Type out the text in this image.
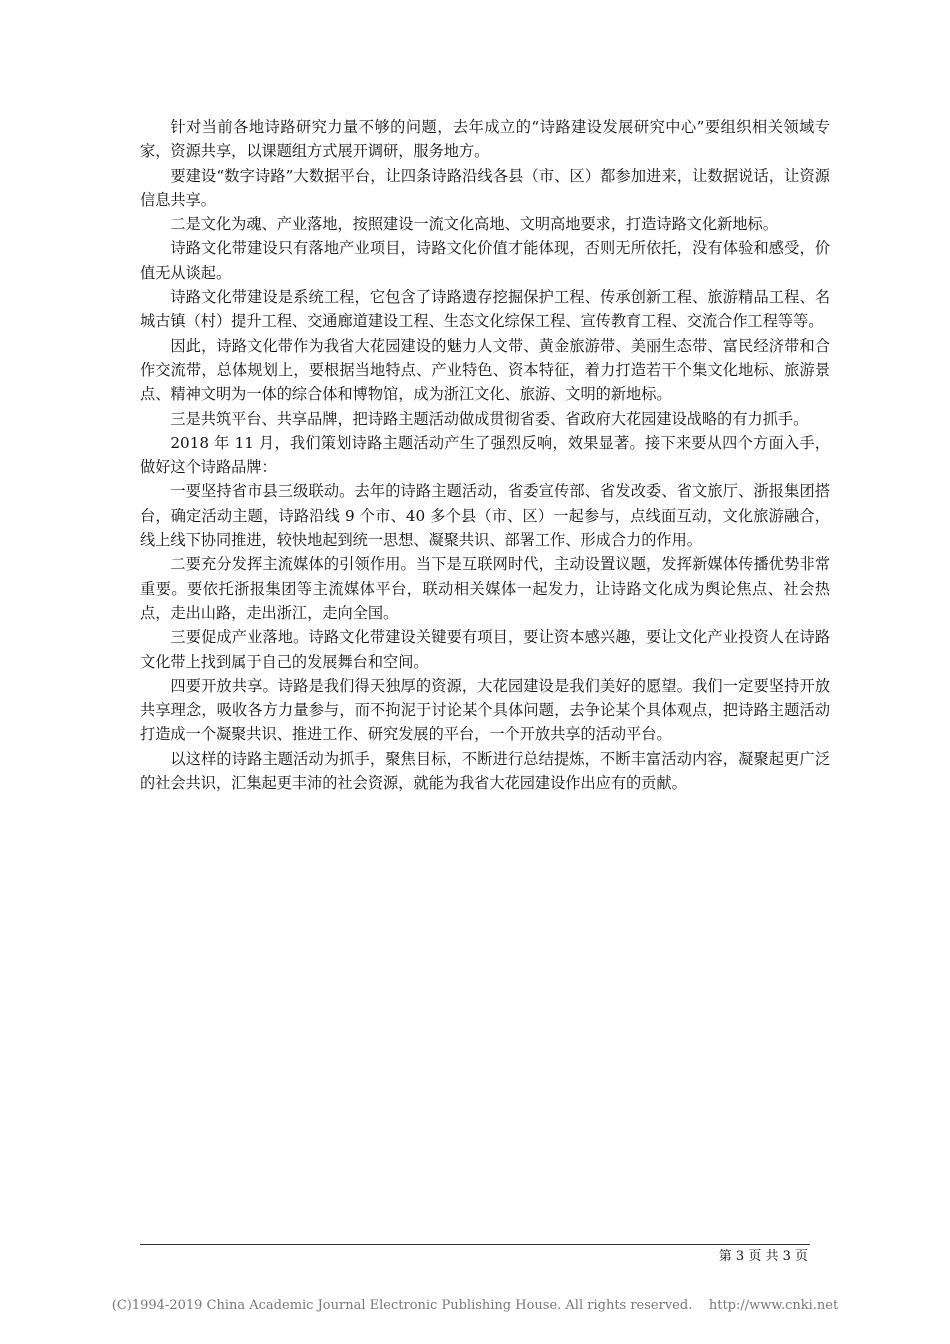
针对当前各地诗路研究力量不够的问题，去年成立的“诗路建设发展研究中心”要组织相关领域专家，资源共享，以课题组方式展开调研，服务地方。

要建设“数字诗路”大数据平台，让四条诗路沿线各县（市、区）都参加进来，让数据说话，让资源信息共享。

二是文化为魂、产业落地，按照建设一流文化高地、文明高地要求，打造诗路文化新地标。

诗路文化带建设只有落地产业项目，诗路文化价值才能体现，否则无所依托，没有体验和感受，价值无从谈起。

诗路文化带建设是系统工程，它包含了诗路遗存挖掘保护工程、传承创新工程、旅游精品工程、名城古镇（村）提升工程、交通廊道建设工程、生态文化综保工程、宣传教育工程、交流合作工程等等。

因此，诗路文化带作为我省大花园建设的魅力人文带、黄金旅游带、美丽生态带、富民经济带和合作交流带，总体规划上，要根据当地特点、产业特色、资本特征，着力打造若干个集文化地标、旅游景点、精神文明为一体的综合体和博物馆，成为浙江文化、旅游、文明的新地标。

三是共筑平台、共享品牌，把诗路主题活动做成贯彻省委、省政府大花园建设战略的有力抓手。

2018 年 11 月，我们策划诗路主题活动产生了强烈反响，效果显著。接下来要从四个方面入手，做好这个诗路品牌：

一要坚持省市县三级联动。去年的诗路主题活动，省委宣传部、省发改委、省文旅厅、浙报集团搭台，确定活动主题，诗路沿线 9 个市、40 多个县（市、区）一起参与，点线面互动，文化旅游融合，线上线下协同推进，较快地起到统一思想、凝聚共识、部署工作、形成合力的作用。

二要充分发挥主流媒体的引领作用。当下是互联网时代，主动设置议题，发挥新媒体传播优势非常重要。要依托浙报集团等主流媒体平台，联动相关媒体一起发力，让诗路文化成为舆论焦点、社会热点，走出山路，走出浙江，走向全国。

三要促成产业落地。诗路文化带建设关键要有项目，要让资本感兴趣，要让文化产业投资人在诗路文化带上找到属于自己的发展舞台和空间。

四要开放共享。诗路是我们得天独厚的资源，大花园建设是我们美好的愿望。我们一定要坚持开放共享理念，吸收各方力量参与，而不拘泥于讨论某个具体问题，去争论某个具体观点，把诗路主题活动打造成一个凝聚共识、推进工作、研究发展的平台，一个开放共享的活动平台。

以这样的诗路主题活动为抓手，聚焦目标，不断进行总结提炼，不断丰富活动内容，凝聚起更广泛的社会共识，汇集起更丰沛的社会资源，就能为我省大花园建设作出应有的贡献。

第 3 页 共 3 页
(C)1994-2019 China Academic Journal Electronic Publishing House. All rights reserved.    http://www.cnki.net
